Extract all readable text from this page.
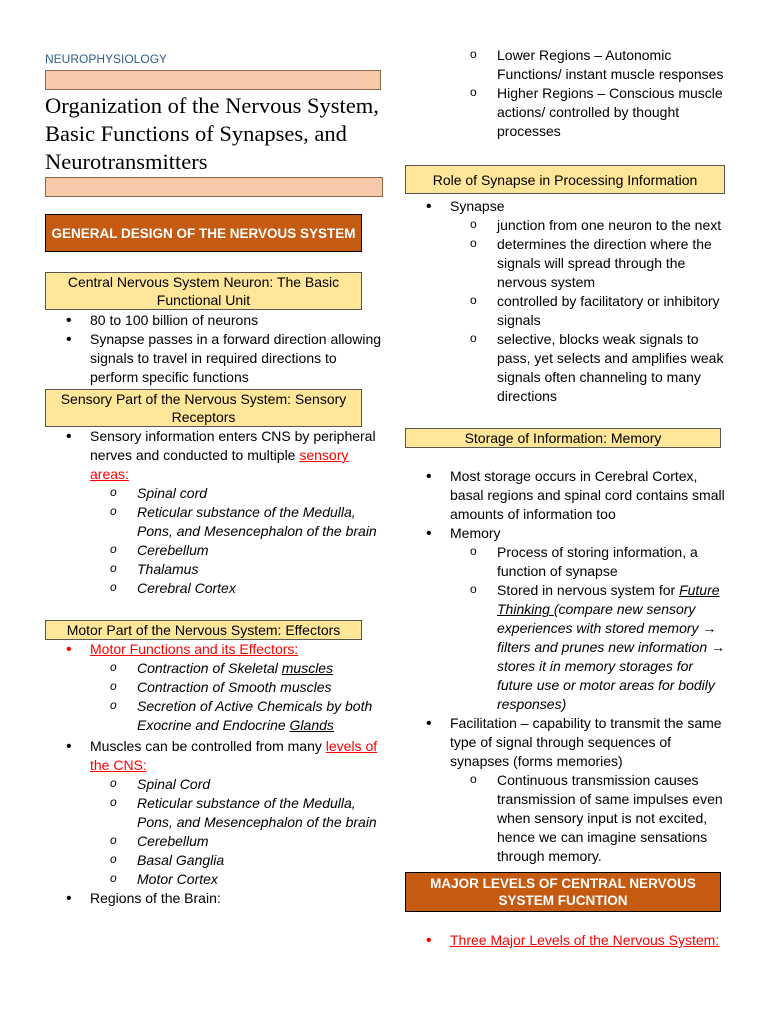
NEUROPHYSIOLOGY
Organization of the Nervous System, Basic Functions of Synapses, and Neurotransmitters
GENERAL DESIGN OF THE NERVOUS SYSTEM
Central Nervous System Neuron: The Basic Functional Unit
• 80 to 100 billion of neurons
• Synapse passes in a forward direction allowing signals to travel in required directions to perform specific functions
Sensory Part of the Nervous System: Sensory Receptors
• Sensory information enters CNS by peripheral nerves and conducted to multiple sensory areas:
o Spinal cord
o Reticular substance of the Medulla, Pons, and Mesencephalon of the brain
o Cerebellum
o Thalamus
o Cerebral Cortex
Motor Part of the Nervous System: Effectors
• Motor Functions and its Effectors:
o Contraction of Skeletal muscles
o Contraction of Smooth muscles
o Secretion of Active Chemicals by both Exocrine and Endocrine Glands
• Muscles can be controlled from many levels of the CNS:
o Spinal Cord
o Reticular substance of the Medulla, Pons, and Mesencephalon of the brain
o Cerebellum
o Basal Ganglia
o Motor Cortex
• Regions of the Brain:
o Lower Regions – Autonomic Functions/ instant muscle responses
o Higher Regions – Conscious muscle actions/ controlled by thought processes
Role of Synapse in Processing Information
• Synapse
o junction from one neuron to the next
o determines the direction where the signals will spread through the nervous system
o controlled by facilitatory or inhibitory signals
o selective, blocks weak signals to pass, yet selects and amplifies weak signals often channeling to many directions
Storage of Information: Memory
• Most storage occurs in Cerebral Cortex, basal regions and spinal cord contains small amounts of information too
• Memory
o Process of storing information, a function of synapse
o Stored in nervous system for Future Thinking (compare new sensory experiences with stored memory → filters and prunes new information → stores it in memory storages for future use or motor areas for bodily responses)
• Facilitation – capability to transmit the same type of signal through sequences of synapses (forms memories)
o Continuous transmission causes transmission of same impulses even when sensory input is not excited, hence we can imagine sensations through memory.
MAJOR LEVELS OF CENTRAL NERVOUS SYSTEM FUCNTION
• Three Major Levels of the Nervous System:
